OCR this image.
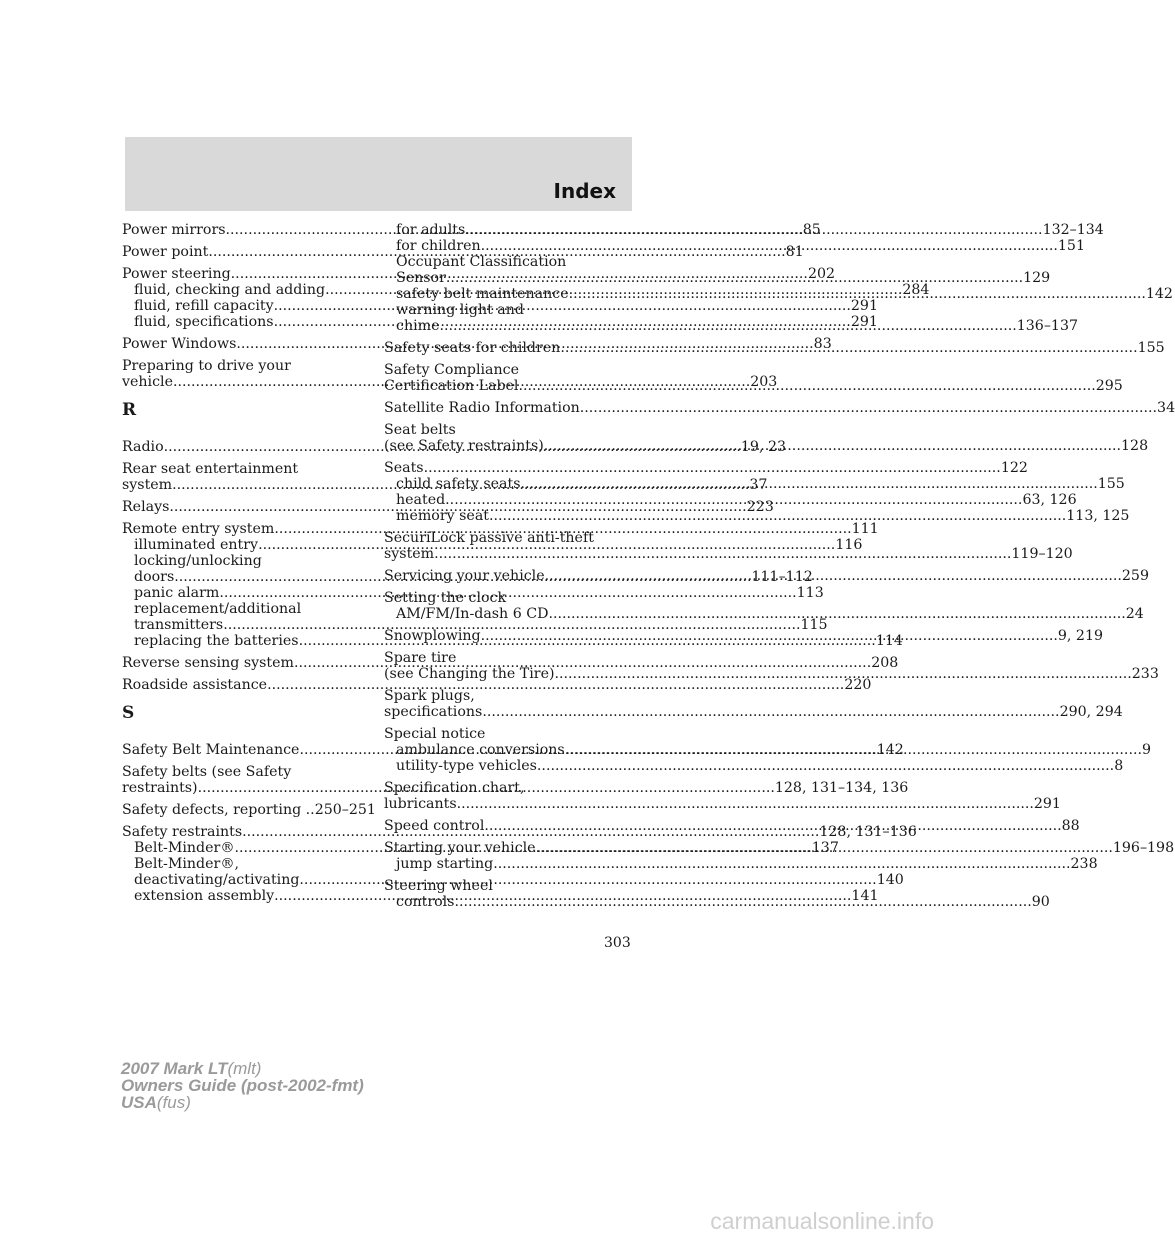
Index
Power mirrors .....	85
Power point .....	81
Power steering .....	202
fluid, checking and adding .....	284
fluid, refill capacity .....	291
fluid, specifications .....	291
Power Windows .....	83
Preparing to drive your
vehicle .....	203
R
Radio .....	19, 23
Rear seat entertainment
system .....	37
Relays .....	223
Remote entry system .....	111
illuminated entry .....	116
locking/unlocking
doors .....	111–112
panic alarm .....	113
replacement/additional
transmitters .....	115
replacing the batteries .....	114
Reverse sensing system .....	208
Roadside assistance .....	220
S
Safety Belt Maintenance .....	142
Safety belts (see Safety
restraints) .....	128, 131–134, 136
Safety defects, reporting .. 250–251
Safety restraints .....	128, 131–136
Belt-Minder® .....	137
Belt-Minder®,
deactivating/activating .....	140
extension assembly .....	141
for adults .....	132–134
for children .....	151
Occupant Classification
Sensor .....	129
safety belt maintenance .....	142
warning light and
chime .....	136–137
Safety seats for children .....	155
Safety Compliance
Certification Label .....	295
Satellite Radio Information .....	34
Seat belts
(see Safety restraints) .....	128
Seats .....	122
child safety seats .....	155
heated .....	63, 126
memory seat .....	113, 125
SecuriLock passive anti-theft
system .....	119–120
Servicing your vehicle .....	259
Setting the clock
AM/FM/In-dash 6 CD .....	24
Snowplowing .....	9, 219
Spare tire
(see Changing the Tire) .....	233
Spark plugs,
specifications .....	290, 294
Special notice
ambulance conversions .....	9
utility-type vehicles .....	8
Specification chart,
lubricants .....	291
Speed control .....	88
Starting your vehicle .....	196–198
jump starting .....	238
Steering wheel
controls .....	90
303
2007 Mark LT(mlt)
Owners Guide (post-2002-fmt)
USA(fus)
carmanualsonline.info
